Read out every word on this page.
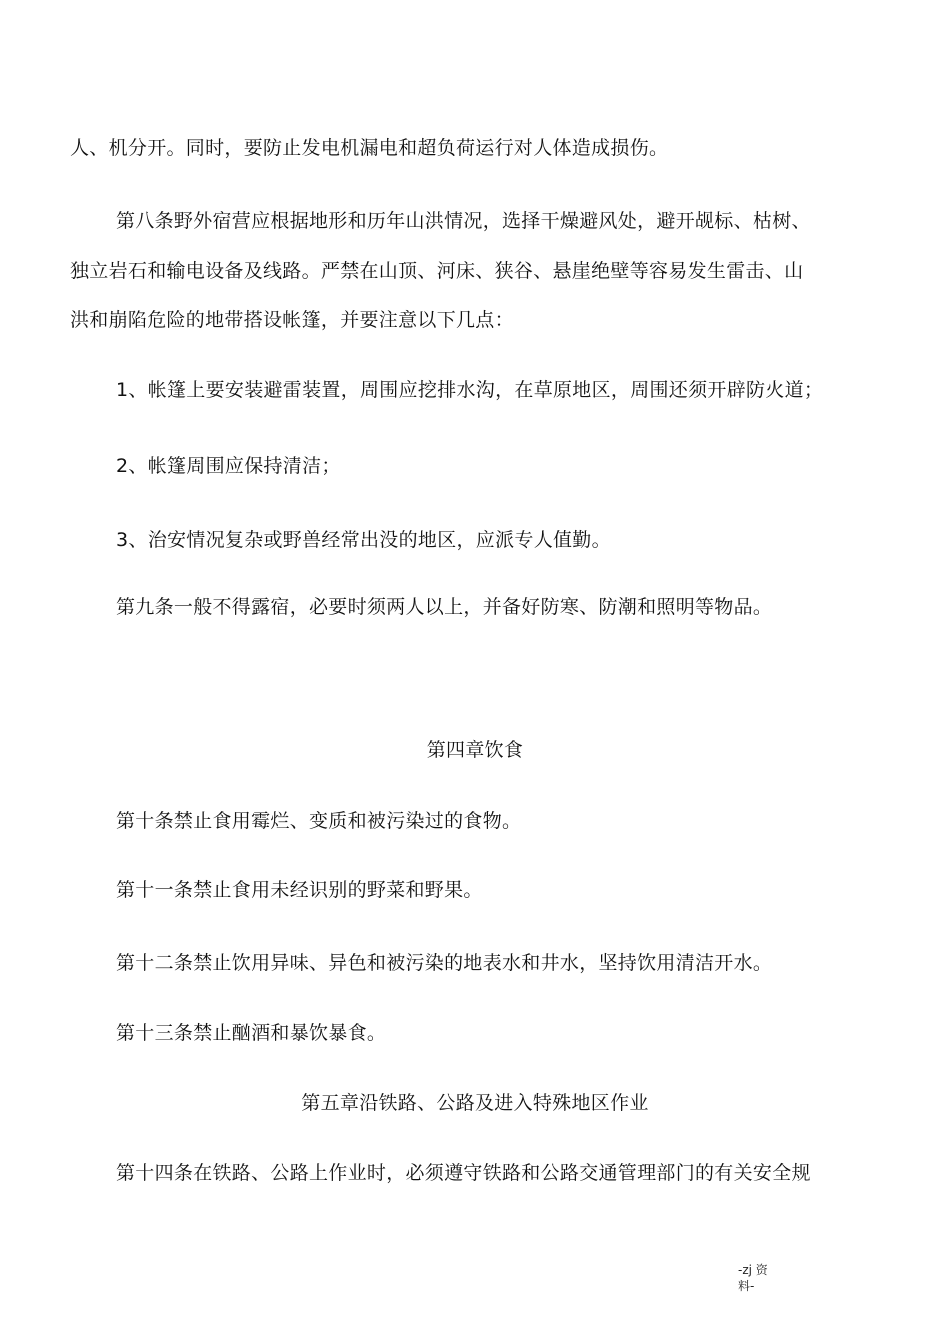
人、机分开。同时，要防止发电机漏电和超负荷运行对人体造成损伤。
第八条野外宿营应根据地形和历年山洪情况，选择干燥避风处，避开觇标、枯树、
独立岩石和输电设备及线路。严禁在山顶、河床、狭谷、悬崖绝壁等容易发生雷击、山
洪和崩陷危险的地带搭设帐篷，并要注意以下几点：
1、帐篷上要安装避雷装置，周围应挖排水沟，在草原地区，周围还须开辟防火道；
2、帐篷周围应保持清洁；
3、治安情况复杂或野兽经常出没的地区，应派专人值勤。
第九条一般不得露宿，必要时须两人以上，并备好防寒、防潮和照明等物品。
第四章饮食
第十条禁止食用霉烂、变质和被污染过的食物。
第十一条禁止食用未经识别的野菜和野果。
第十二条禁止饮用异味、异色和被污染的地表水和井水，坚持饮用清洁开水。
第十三条禁止酗酒和暴饮暴食。
第五章沿铁路、公路及进入特殊地区作业
第十四条在铁路、公路上作业时，必须遵守铁路和公路交通管理部门的有关安全规
-zj 资
料-
